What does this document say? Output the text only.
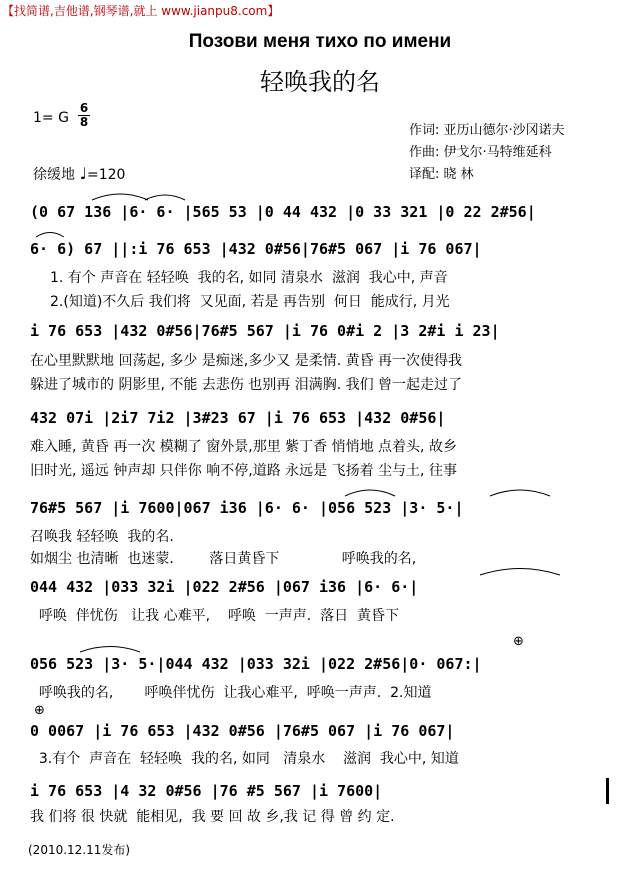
【找简谱,吉他谱,钢琴谱,就上 www.jianpu8.com】
Позови меня тихо по имени
轻唤我的名
1= G
6
8
作词: 亚历山德尔·沙冈诺夫
作曲: 伊戈尔·马特维延科
译配: 晓 林
徐缓地 ♩=120
(0 67 136 |6· 6· |565 53 |0 44 432 |0 33 321 |0 22 2#56|
6· 6) 67 ||:i 76 653 |432 0#56|76#5 067 |i 76 067|
1. 有个 声音在 轻轻唤  我的名, 如同 清泉水  滋润  我心中, 声音
2.(知道)不久后 我们将  又见面, 若是 再告别  何日  能成行, 月光
i 76 653 |432 0#56|76#5 567 |i 76 0#i 2 |3 2#i i 23|
在心里默默地 回荡起, 多少 是痴迷,多少又 是柔情. 黄昏 再一次使得我
躲进了城市的 阴影里, 不能 去悲伤 也别再 泪满胸. 我们 曾一起走过了
432 07i |2i7 7i2 |3#23 67 |i 76 653 |432 0#56|
难入睡, 黄昏 再一次 模糊了 窗外景,那里 紫丁香 悄悄地 点着头, 故乡
旧时光, 遥远 钟声却 只伴你 响不停,道路 永远是 飞扬着 尘与土, 往事
76#5 567 |i 7600|067 i36 |6· 6· |056 523 |3· 5·|
召唤我 轻轻唤  我的名.
如烟尘 也清晰  也迷蒙.        落日黄昏下              呼唤我的名,
044 432 |033 32i |022 2#56 |067 i36 |6· 6·|
呼唤  伴忧伤   让我 心难平,    呼唤  一声声.  落日  黄昏下
⊕
056 523 |3· 5·|044 432 |033 32i |022 2#56|0· 067:|
呼唤我的名,       呼唤伴忧伤  让我心难平,  呼唤一声声.  2.知道
⊕
0 0067 |i 76 653 |432 0#56 |76#5 067 |i 76 067|
3.有个  声音在  轻轻唤  我的名, 如同   清泉水    滋润  我心中, 知道
i 76 653 |4 32 0#56 |76 #5 567 |i 7600|
我 们将 很 快就  能相见,  我 要 回 故 乡,我 记 得 曾 约 定.
(2010.12.11发布)
